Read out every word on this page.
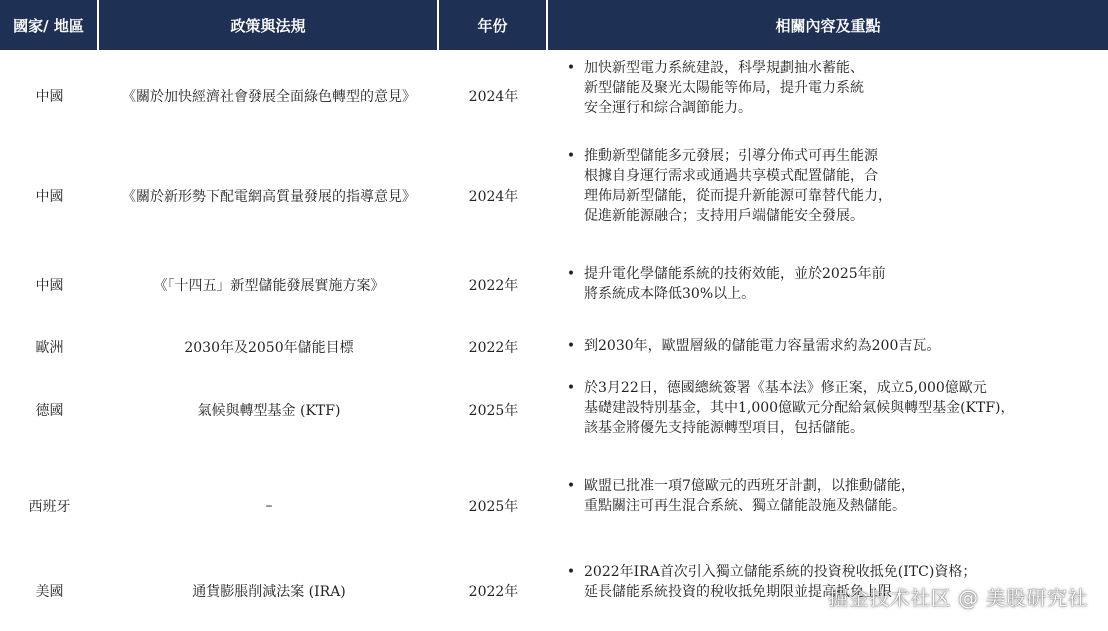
國家∕ 地區	政策與法規	年份	相關內容及重點
中國	《關於加快經濟社會發展全面綠色轉型的意見》	2024年
• 加快新型電力系統建設，科學規劃抽水蓄能、
新型儲能及聚光太陽能等佈局，提升電力系統
安全運行和綜合調節能力。
中國	《關於新形勢下配電網高質量發展的指導意見》	2024年
• 推動新型儲能多元發展；引導分佈式可再生能源
根據自身運行需求或通過共享模式配置儲能，合
理佈局新型儲能，從而提升新能源可靠替代能力，
促進新能源融合；支持用戶端儲能安全發展。
中國	《「十四五」新型儲能發展實施方案》	2022年
• 提升電化學儲能系統的技術效能，並於2025年前
將系統成本降低30%以上。
歐洲	2030年及2050年儲能目標	2022年	• 到2030年，歐盟層級的儲能電力容量需求約為200吉瓦。
德國	氣候與轉型基金 (KTF)	2025年
• 於3月22日，德國總統簽署《基本法》修正案，成立5,000億歐元
基礎建設特別基金，其中1,000億歐元分配給氣候與轉型基金(KTF)，
該基金將優先支持能源轉型項目，包括儲能。
西班牙	–	2025年
• 歐盟已批准一項7億歐元的西班牙計劃，以推動儲能，
重點關注可再生混合系統、獨立儲能設施及熱儲能。
美國	通貨膨脹削減法案 (IRA)	2022年
• 2022年IRA首次引入獨立儲能系統的投資稅收抵免(ITC)資格；
延長儲能系統投資的稅收抵免期限並提高抵免上限
掘金技术社区 @ 美股研究社
